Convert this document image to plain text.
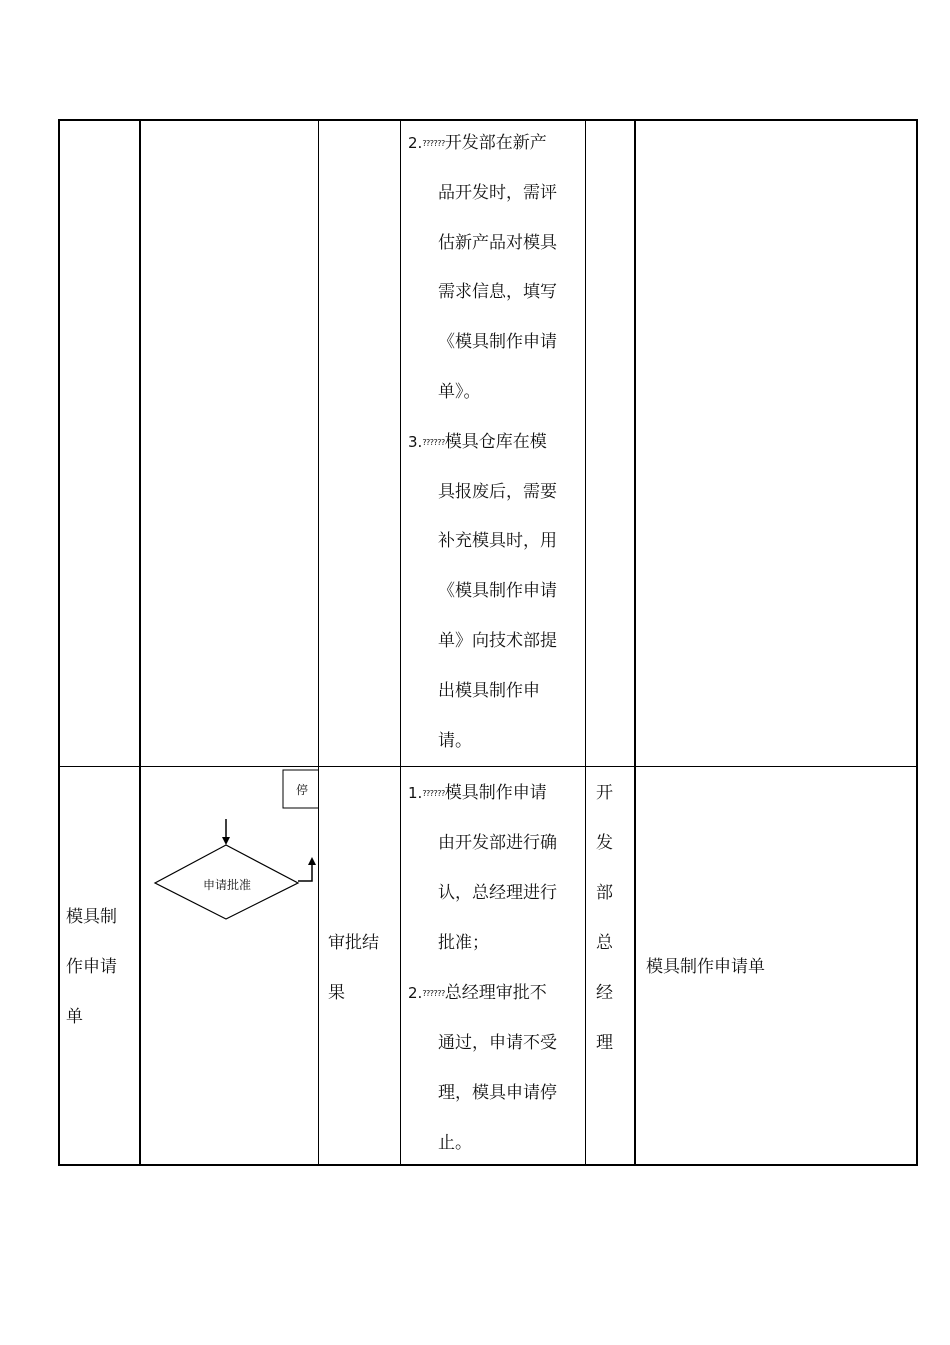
2.??????开发部在新产
品开发时，需评
估新产品对模具
需求信息，填写
《模具制作申请
单》。
3.??????模具仓库在模
具报废后，需要
补充模具时，用
《模具制作申请
单》向技术部提
出模具制作申
请。
模具制
作申请
单
申请批准
停
审批结
果
1.??????模具制作申请
由开发部进行确
认，总经理进行
批准；
2.??????总经理审批不
通过，申请不受
理，模具申请停
止。
开
发
部
总
经
理
模具制作申请单
